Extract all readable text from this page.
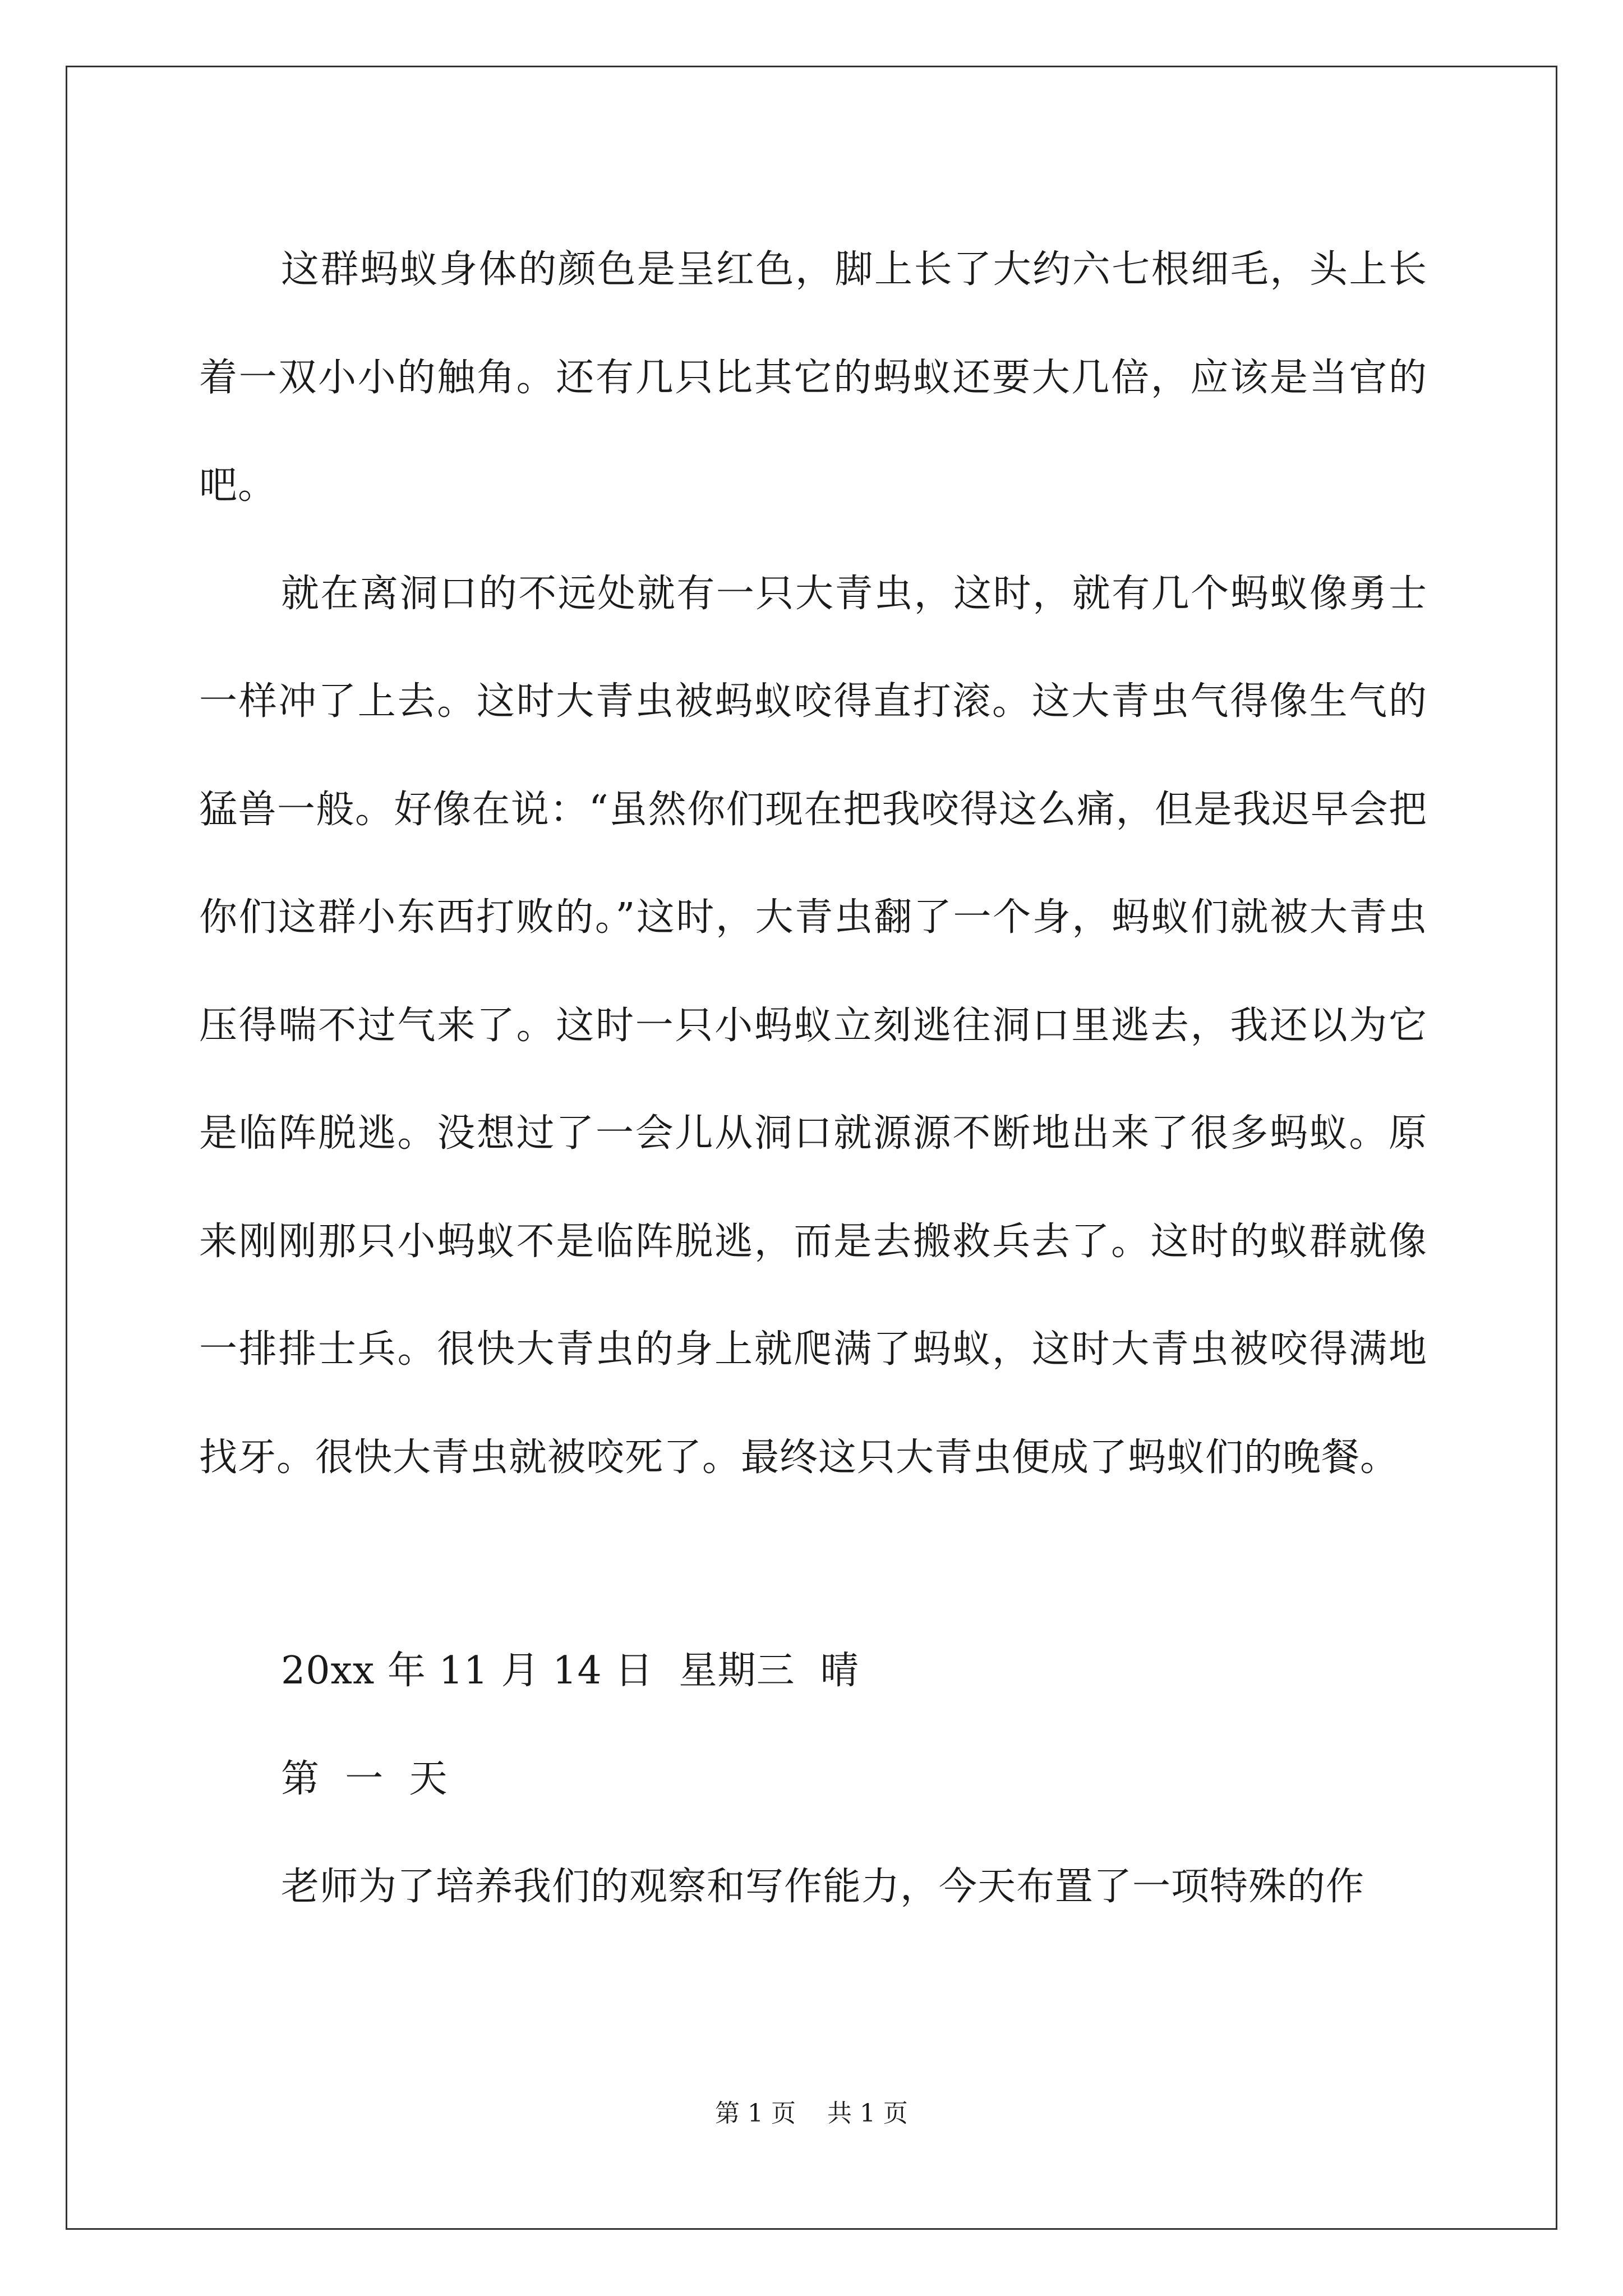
这群蚂蚁身体的颜色是呈红色，脚上长了大约六七根细毛，头上长着一双小小的触角。还有几只比其它的蚂蚁还要大几倍，应该是当官的吧。

就在离洞口的不远处就有一只大青虫，这时，就有几个蚂蚁像勇士一样冲了上去。这时大青虫被蚂蚁咬得直打滚。这大青虫气得像生气的猛兽一般。好像在说：“虽然你们现在把我咬得这么痛，但是我迟早会把你们这群小东西打败的。”这时，大青虫翻了一个身，蚂蚁们就被大青虫压得喘不过气来了。这时一只小蚂蚁立刻逃往洞口里逃去，我还以为它是临阵脱逃。没想过了一会儿从洞口就源源不断地出来了很多蚂蚁。原来刚刚那只小蚂蚁不是临阵脱逃，而是去搬救兵去了。这时的蚁群就像一排排士兵。很快大青虫的身上就爬满了蚂蚁，这时大青虫被咬得满地找牙。很快大青虫就被咬死了。最终这只大青虫便成了蚂蚁们的晚餐。

20xx 年 11 月 14 日  星期三  晴

第  一  天

老师为了培养我们的观察和写作能力，今天布置了一项特殊的作

第 1 页    共 1 页
